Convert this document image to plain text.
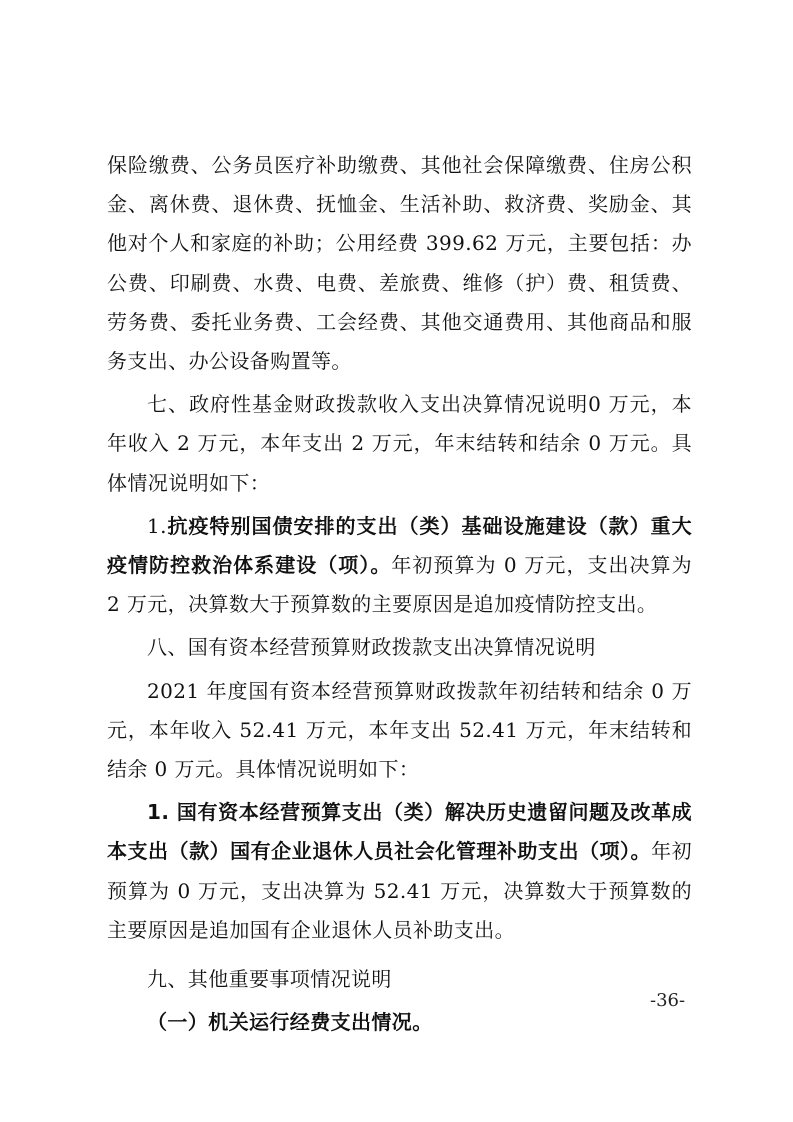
保险缴费、公务员医疗补助缴费、其他社会保障缴费、住房公积金、离休费、退休费、抚恤金、生活补助、救济费、奖励金、其他对个人和家庭的补助；公用经费 399.62 万元，主要包括：办公费、印刷费、水费、电费、差旅费、维修（护）费、租赁费、劳务费、委托业务费、工会经费、其他交通费用、其他商品和服务支出、办公设备购置等。

七、政府性基金财政拨款收入支出决算情况说明0 万元，本年收入 2 万元，本年支出 2 万元，年末结转和结余 0 万元。具体情况说明如下：

1.抗疫特别国债安排的支出（类）基础设施建设（款）重大疫情防控救治体系建设（项）。年初预算为 0 万元，支出决算为 2 万元，决算数大于预算数的主要原因是追加疫情防控支出。

八、国有资本经营预算财政拨款支出决算情况说明

2021 年度国有资本经营预算财政拨款年初结转和结余 0 万元，本年收入 52.41 万元，本年支出 52.41 万元，年末结转和结余 0 万元。具体情况说明如下：

1. 国有资本经营预算支出（类）解决历史遗留问题及改革成本支出（款）国有企业退休人员社会化管理补助支出（项）。年初预算为 0 万元，支出决算为 52.41 万元，决算数大于预算数的主要原因是追加国有企业退休人员补助支出。

九、其他重要事项情况说明

（一）机关运行经费支出情况。

-36-
